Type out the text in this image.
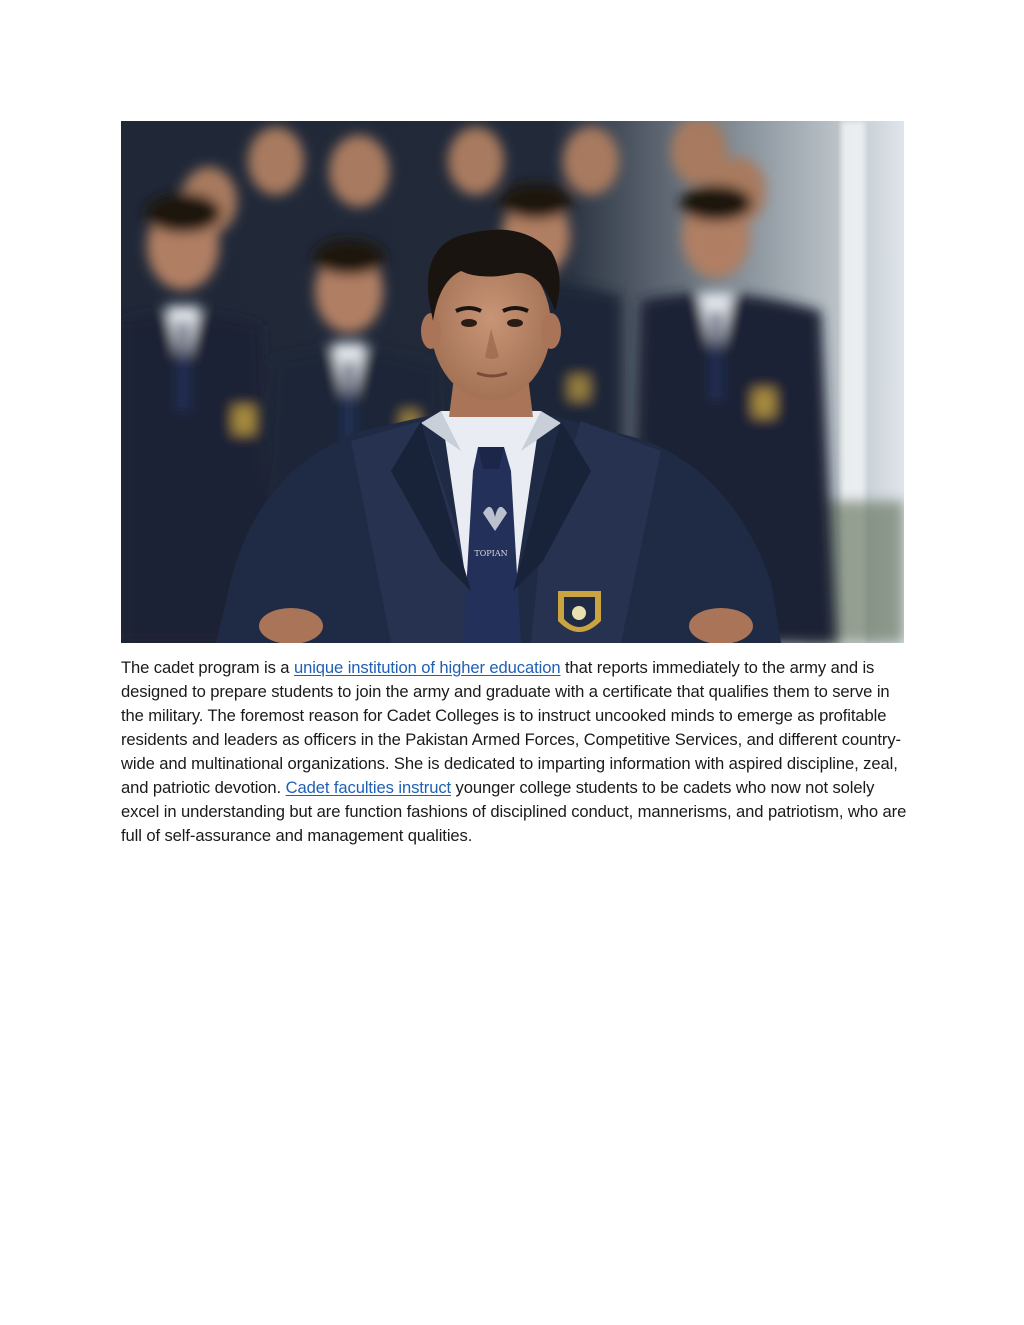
TOPIAN

The cadet program is a unique institution of higher education that reports immediately to the army and is designed to prepare students to join the army and graduate with a certificate that qualifies them to serve in the military. The foremost reason for Cadet Colleges is to instruct uncooked minds to emerge as profitable residents and leaders as officers in the Pakistan Armed Forces, Competitive Services, and different country-wide and multinational organizations. She is dedicated to imparting information with aspired discipline, zeal, and patriotic devotion. Cadet faculties instruct younger college students to be cadets who now not solely excel in understanding but are function fashions of disciplined conduct, mannerisms, and patriotism, who are full of self-assurance and management qualities.
